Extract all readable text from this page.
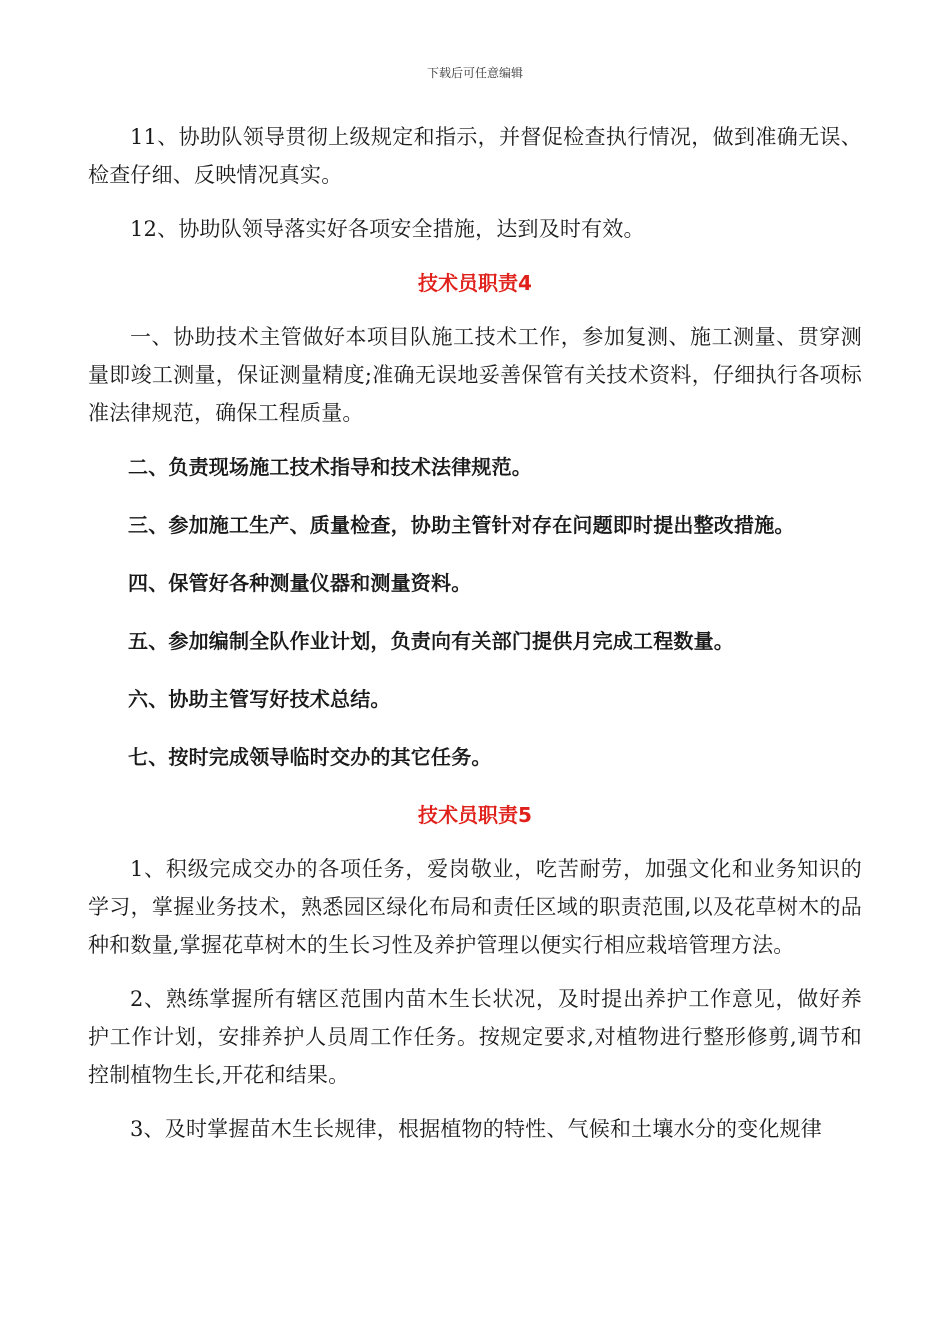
下载后可任意编辑

11、协助队领导贯彻上级规定和指示，并督促检查执行情况，做到准确无误、检查仔细、反映情况真实。

12、协助队领导落实好各项安全措施，达到及时有效。

技术员职责4

一、协助技术主管做好本项目队施工技术工作，参加复测、施工测量、贯穿测量即竣工测量，保证测量精度;准确无误地妥善保管有关技术资料，仔细执行各项标准法律规范，确保工程质量。

二、负责现场施工技术指导和技术法律规范。

三、参加施工生产、质量检查，协助主管针对存在问题即时提出整改措施。

四、保管好各种测量仪器和测量资料。

五、参加编制全队作业计划，负责向有关部门提供月完成工程数量。

六、协助主管写好技术总结。

七、按时完成领导临时交办的其它任务。

技术员职责5

1、积级完成交办的各项任务，爱岗敬业，吃苦耐劳，加强文化和业务知识的学习，掌握业务技术，熟悉园区绿化布局和责任区域的职责范围,以及花草树木的品种和数量,掌握花草树木的生长习性及养护管理以便实行相应栽培管理方法。

2、熟练掌握所有辖区范围内苗木生长状况，及时提出养护工作意见，做好养护工作计划，安排养护人员周工作任务。按规定要求,对植物进行整形修剪,调节和控制植物生长,开花和结果。

3、及时掌握苗木生长规律，根据植物的特性、气候和土壤水分的变化规律
